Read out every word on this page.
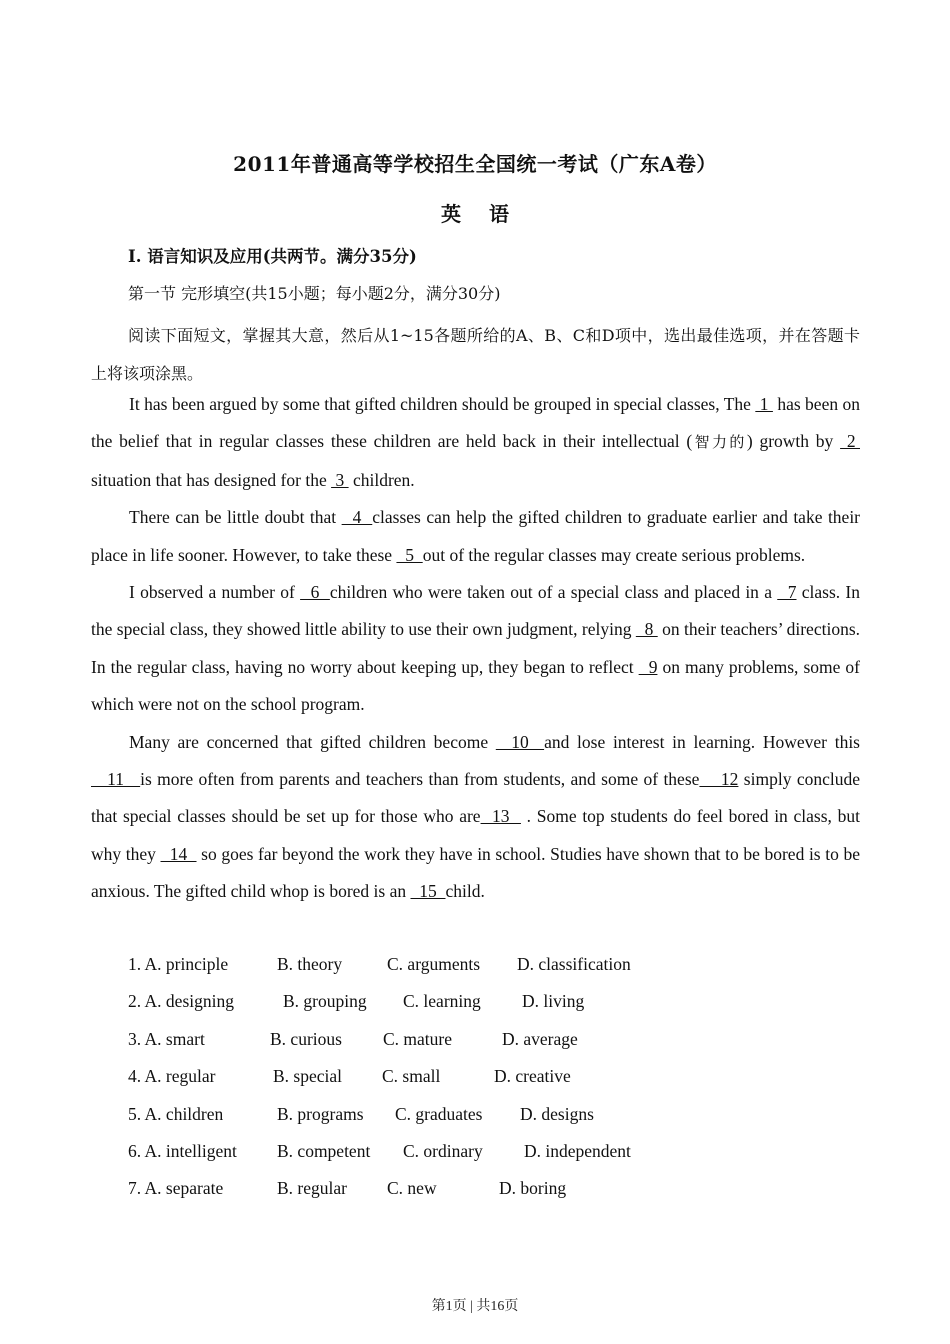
2011年普通高等学校招生全国统一考试（广东A卷）
英语
Ⅰ. 语言知识及应用(共两节。满分35分)
第一节 完形填空(共15小题；每小题2分，满分30分)
阅读下面短文，掌握其大意，然后从1~15各题所给的A、B、C和D项中，选出最佳选项，并在答题卡上将该项涂黑。

It has been argued by some that gifted children should be grouped in special classes, The  1  has been on the belief that in regular classes these children are held back in their intellectual (智力的) growth by  2  situation that has designed for the  3  children.

There can be little doubt that   4  classes can help the gifted children to graduate earlier and take their place in life sooner. However, to take these   5  out of the regular classes may create serious problems.

I observed a number of   6  children who were taken out of a special class and placed in a   7 class. In the special class, they showed little ability to use their own judgment, relying   8  on their teachers’ directions. In the regular class, having no worry about keeping up, they began to reflect   9 on many problems, some of which were not on the school program.

Many are concerned that gifted children become   10  and lose interest in learning. However this    11   is more often from parents and teachers than from students, and some of these    12 simply conclude that special classes should be set up for those who are  13   . Some top students do feel bored in class, but why they   14   so goes far beyond the work they have in school. Studies have shown that to be bored is to be anxious. The gifted child whop is bored is an   15  child.

1. A. principle	B. theory	C. arguments	D. classification
2. A. designing	B. grouping	C. learning	D. living
3. A. smart	B. curious	C. mature	D. average
4. A. regular	B. special	C. small	D. creative
5. A. children	B. programs	C. graduates	D. designs
6. A. intelligent	B. competent	C. ordinary	D. independent
7. A. separate	B. regular	C. new	D. boring
第1页 | 共16页
